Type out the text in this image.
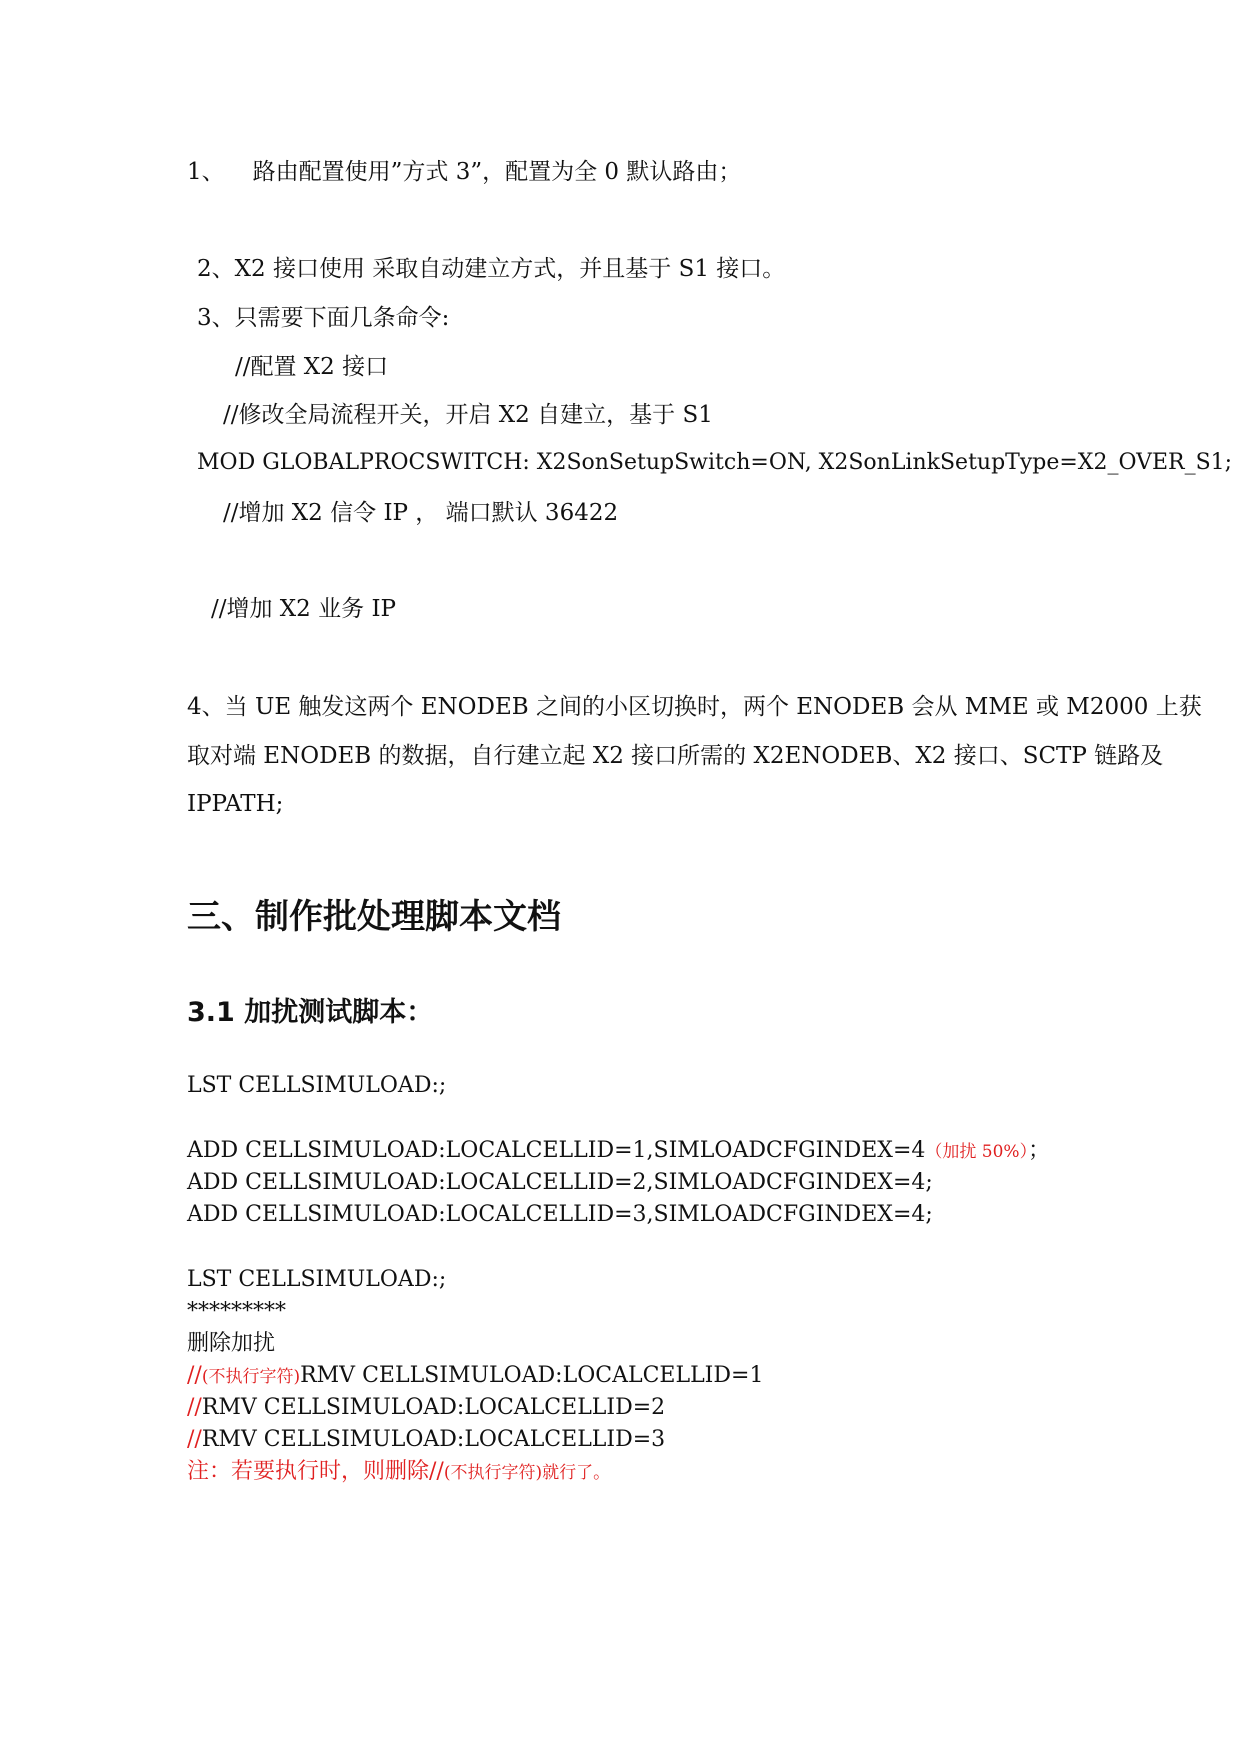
1、 路由配置使用”方式 3”，配置为全 0 默认路由；
2、X2 接口使用 采取自动建立方式，并且基于 S1 接口。
3、只需要下面几条命令:
//配置 X2 接口
//修改全局流程开关，开启 X2 自建立，基于 S1
MOD GLOBALPROCSWITCH: X2SonSetupSwitch=ON, X2SonLinkSetupType=X2_OVER_S1;
//增加 X2 信令 IP ， 端口默认 36422
//增加 X2 业务 IP
4、当 UE 触发这两个 ENODEB 之间的小区切换时，两个 ENODEB 会从 MME 或 M2000 上获
取对端 ENODEB 的数据，自行建立起 X2 接口所需的 X2ENODEB、X2 接口、SCTP 链路及
IPPATH;
三、制作批处理脚本文档
3.1 加扰测试脚本：
LST CELLSIMULOAD:;
ADD CELLSIMULOAD:LOCALCELLID=1,SIMLOADCFGINDEX=4（加扰 50%）；
ADD CELLSIMULOAD:LOCALCELLID=2,SIMLOADCFGINDEX=4;
ADD CELLSIMULOAD:LOCALCELLID=3,SIMLOADCFGINDEX=4;
LST CELLSIMULOAD:;
*********
删除加扰
//(不执行字符)RMV CELLSIMULOAD:LOCALCELLID=1
//RMV CELLSIMULOAD:LOCALCELLID=2
//RMV CELLSIMULOAD:LOCALCELLID=3
注：若要执行时，则删除//(不执行字符)就行了。
